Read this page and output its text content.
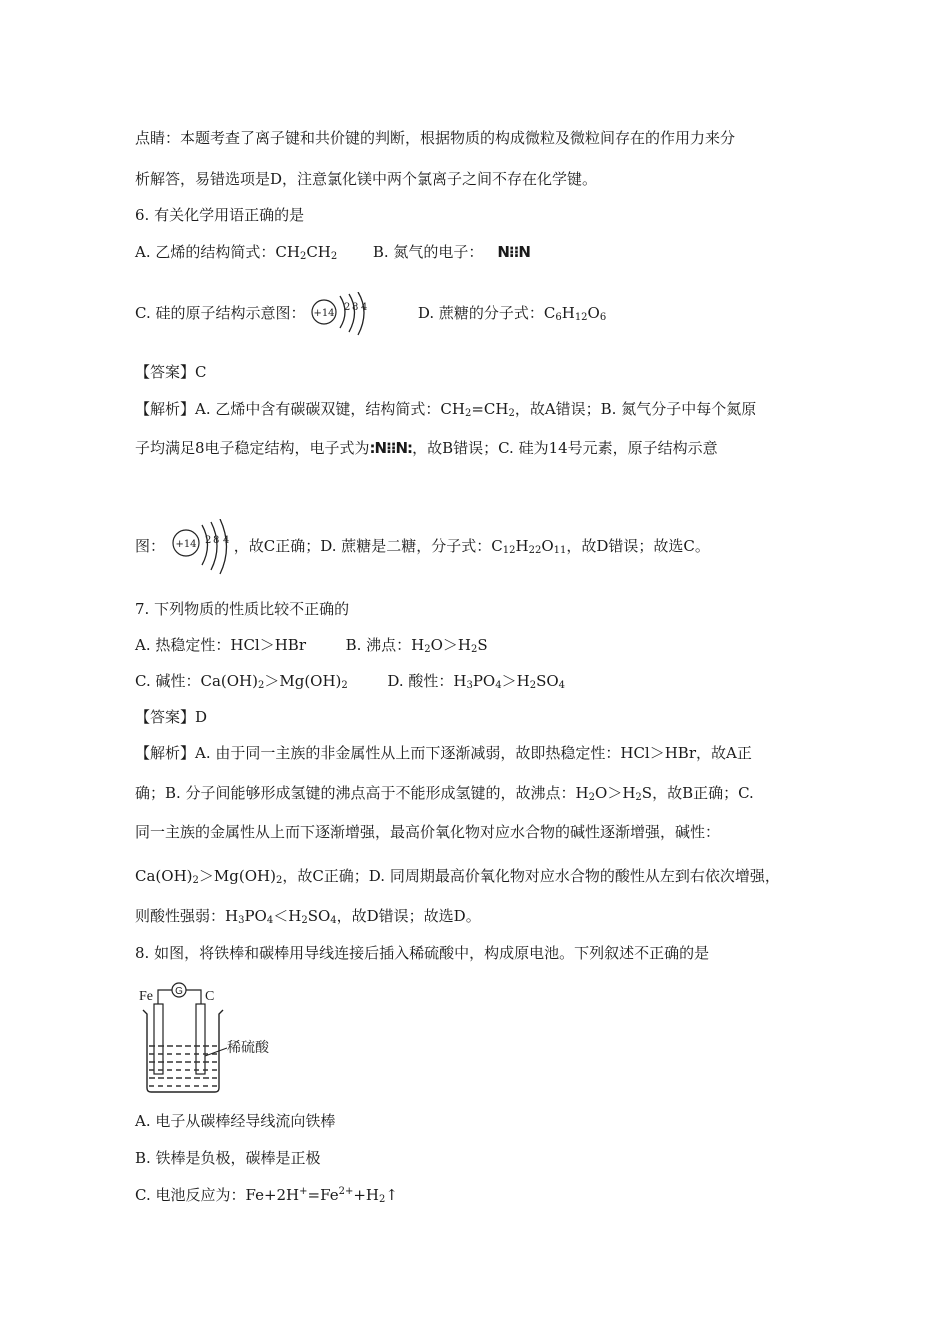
点睛：本题考查了离子键和共价键的判断，根据物质的构成微粒及微粒间存在的作用力来分
析解答，易错选项是D，注意氯化镁中两个氯离子之间不存在化学键。
6. 有关化学用语正确的是
A. 乙烯的结构简式：$CH_2CH_2$ B. 氮气的电子： N⁝⁝N
C. 硅的原子结构示意图： +14
2 8 4	D. 蔗糖的分子式：$C_6H_{12}O_6$
【答案】C
【解析】A. 乙烯中含有碳碳双键，结构简式：$CH_2=CH_2$，故A错误；B. 氮气分子中每个氮原
子均满足8电子稳定结构，电子式为:N⁝⁝N:，故B错误；C. 硅为14号元素，原子结构示意
图： +14 2 8 4 ，故C正确；D. 蔗糖是二糖，分子式：$C_{12}H_{22}O_{11}$，故D错误；故选C。
7. 下列物质的性质比较不正确的
A. 热稳定性：HCl＞HBr	B. 沸点：$H_2O>H_2S$
C. 碱性：$Ca(OH)_2>Mg(OH)_2$	D. 酸性：$H_3PO_4>H_2SO_4$
【答案】D
【解析】A. 由于同一主族的非金属性从上而下逐渐减弱，故即热稳定性：HCl＞HBr，故A正
确；B. 分子间能够形成氢键的沸点高于不能形成氢键的，故沸点：$H_2O>H_2S$，故B正确；C.
同一主族的金属性从上而下逐渐增强，最高价氧化物对应水合物的碱性逐渐增强，碱性：
$Ca(OH)_2>Mg(OH)_2$，故C正确；D. 同周期最高价氧化物对应水合物的酸性从左到右依次增强，
则酸性强弱：$H_3PO_4<H_2SO_4$，故D错误；故选D。
8. 如图，将铁棒和碳棒用导线连接后插入稀硫酸中，构成原电池。下列叙述不正确的是
Fe G C
稀硫酸
A. 电子从碳棒经导线流向铁棒
B. 铁棒是负极，碳棒是正极
C. 电池反应为：$Fe+2H^+=Fe^{2+}+H_2↑$
